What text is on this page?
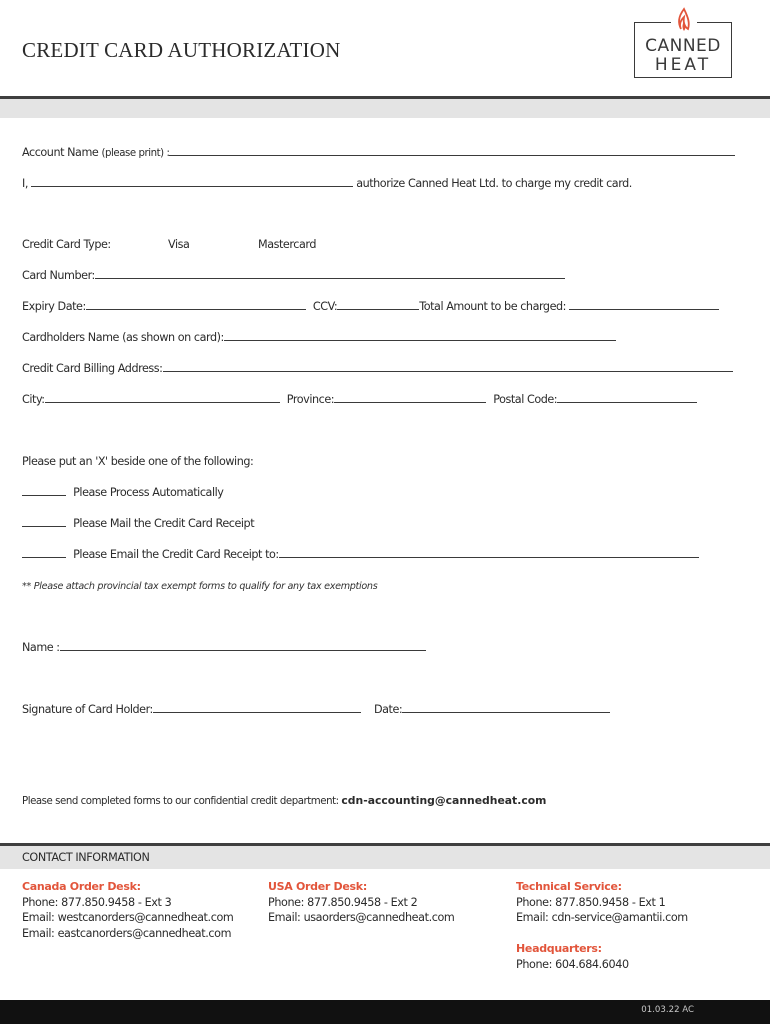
CREDIT CARD AUTHORIZATION	CANNED
HEAT
Account Name (please print) :
I,	authorize Canned Heat Ltd. to charge my credit card.
Credit Card Type:	Visa	Mastercard
Card Number:
Expiry Date:	CCV:	Total Amount to be charged:
Cardholders Name (as shown on card):
Credit Card Billing Address:
City:	Province:	Postal Code:
Please put an 'X' beside one of the following:
Please Process Automatically
Please Mail the Credit Card Receipt
Please Email the Credit Card Receipt to:
** Please attach provincial tax exempt forms to qualify for any tax exemptions
Name :
Signature of Card Holder:	Date:
Please send completed forms to our confidential credit department: cdn-accounting@cannedheat.com
CONTACT INFORMATION
Canada Order Desk:
Phone: 877.850.9458 - Ext 3
Email: westcanorders@cannedheat.com
Email: eastcanorders@cannedheat.com
USA Order Desk:
Phone: 877.850.9458 - Ext 2
Email: usaorders@cannedheat.com
Technical Service:
Phone: 877.850.9458 - Ext 1
Email: cdn-service@amantii.com
Headquarters:
Phone: 604.684.6040
01.03.22 AC
